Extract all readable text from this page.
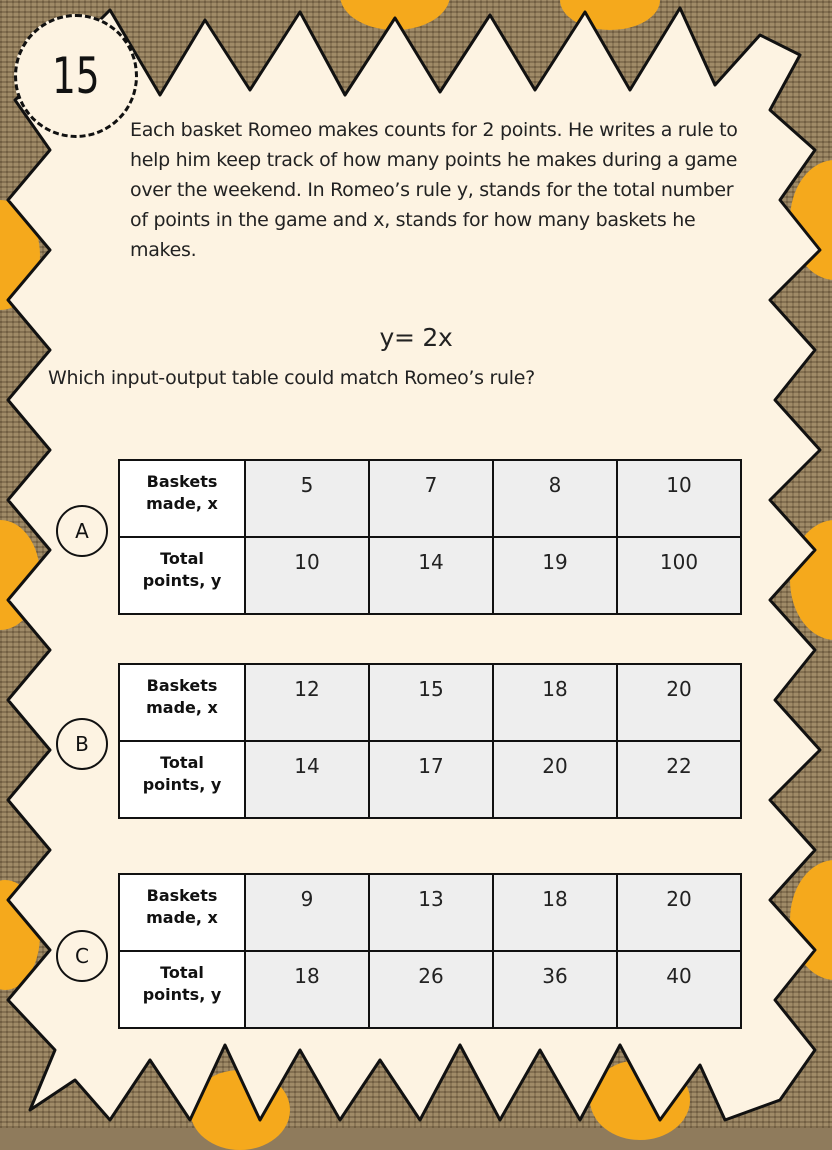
15
Each basket Romeo makes counts for 2 points. He writes a rule to help him keep track of how many points he makes during a game over the weekend. In Romeo’s rule y, stands for the total number of points in the game and x, stands for how many baskets he makes.
y= 2x
Which input-output table could match Romeo’s rule?
A
Baskets
made, x	5	7	8	10
Total
points, y	10	14	19	100
B
Baskets
made, x	12	15	18	20
Total
points, y	14	17	20	22
C
Baskets
made, x	9	13	18	20
Total
points, y	18	26	36	40
